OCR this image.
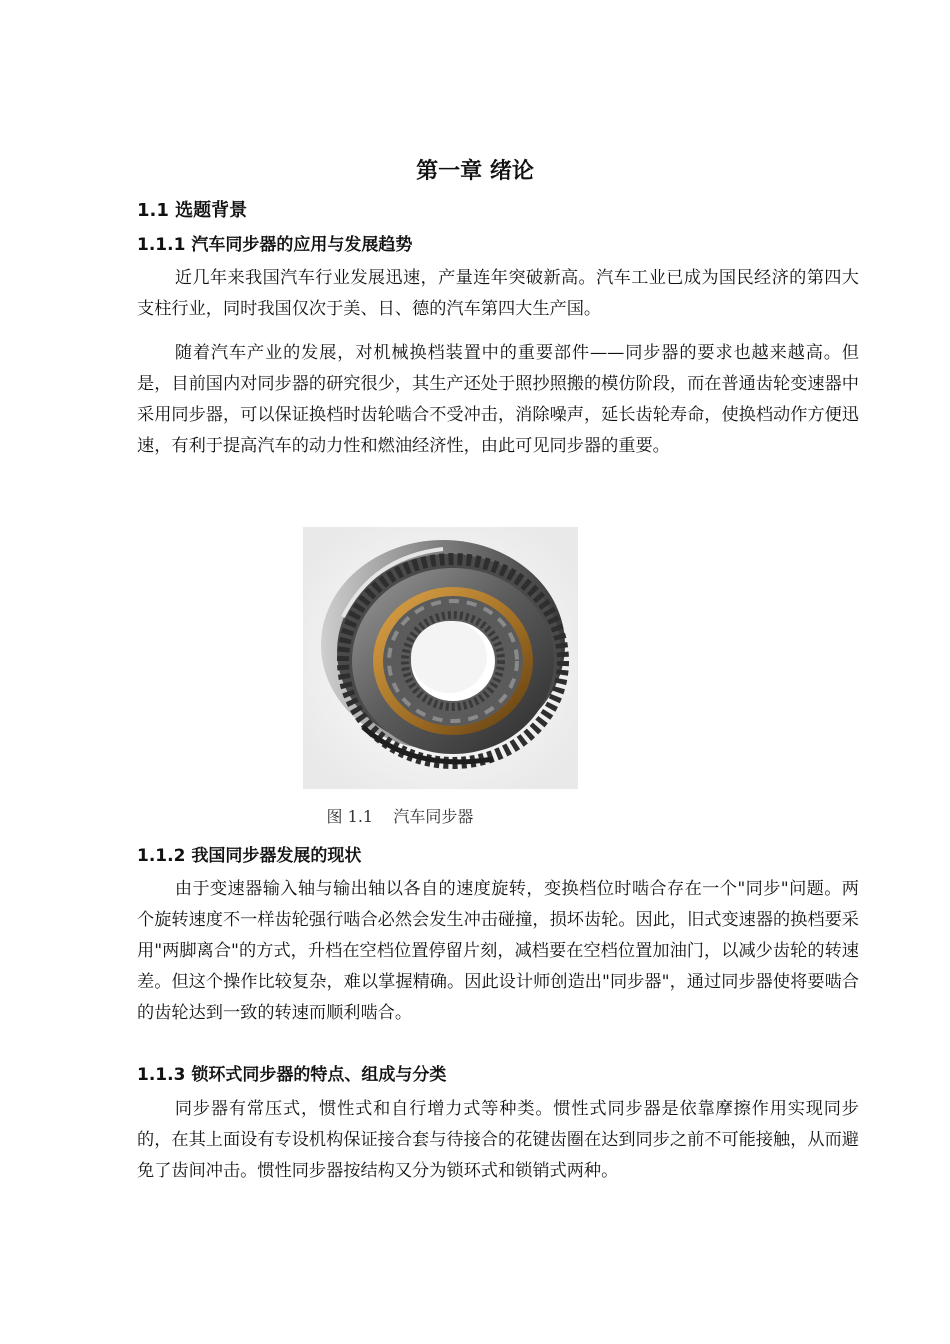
第一章 绪论
1.1 选题背景
1.1.1 汽车同步器的应用与发展趋势

近几年来我国汽车行业发展迅速，产量连年突破新高。汽车工业已成为国民经济的第四大支柱行业，同时我国仅次于美、日、德的汽车第四大生产国。

随着汽车产业的发展，对机械换档装置中的重要部件——同步器的要求也越来越高。但是，目前国内对同步器的研究很少，其生产还处于照抄照搬的模仿阶段，而在普通齿轮变速器中采用同步器，可以保证换档时齿轮啮合不受冲击，消除噪声，延长齿轮寿命，使换档动作方便迅速，有利于提高汽车的动力性和燃油经济性，由此可见同步器的重要。

图 1.1    汽车同步器
1.1.2 我国同步器发展的现状

由于变速器输入轴与输出轴以各自的速度旋转，变换档位时啮合存在一个"同步"问题。两个旋转速度不一样齿轮强行啮合必然会发生冲击碰撞，损坏齿轮。因此，旧式变速器的换档要采用"两脚离合"的方式，升档在空档位置停留片刻，减档要在空档位置加油门，以减少齿轮的转速差。但这个操作比较复杂，难以掌握精确。因此设计师创造出"同步器"，通过同步器使将要啮合的齿轮达到一致的转速而顺利啮合。

1.1.3 锁环式同步器的特点、组成与分类

同步器有常压式，惯性式和自行增力式等种类。惯性式同步器是依靠摩擦作用实现同步的，在其上面设有专设机构保证接合套与待接合的花键齿圈在达到同步之前不可能接触，从而避免了齿间冲击。惯性同步器按结构又分为锁环式和锁销式两种。
